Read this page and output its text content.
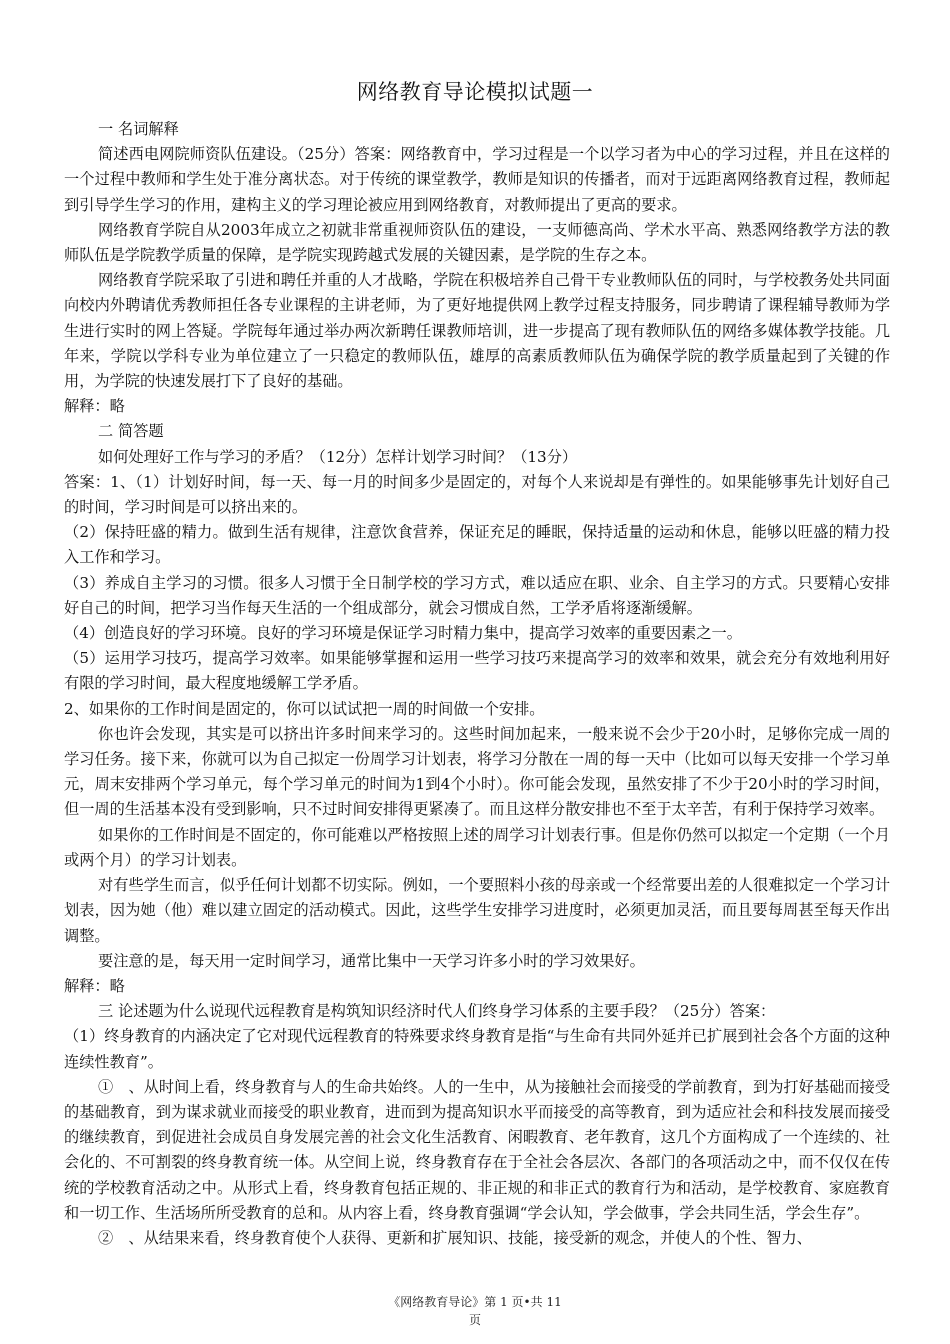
网络教育导论模拟试题一

一 名词解释

简述西电网院师资队伍建设。（25分）答案：网络教育中，学习过程是一个以学习者为中心的学习过程，并且在这样的一个过程中教师和学生处于准分离状态。对于传统的课堂教学，教师是知识的传播者，而对于远距离网络教育过程，教师起到引导学生学习的作用，建构主义的学习理论被应用到网络教育，对教师提出了更高的要求。

网络教育学院自从2003年成立之初就非常重视师资队伍的建设，一支师德高尚、学术水平高、熟悉网络教学方法的教师队伍是学院教学质量的保障，是学院实现跨越式发展的关键因素，是学院的生存之本。

网络教育学院采取了引进和聘任并重的人才战略，学院在积极培养自己骨干专业教师队伍的同时，与学校教务处共同面向校内外聘请优秀教师担任各专业课程的主讲老师，为了更好地提供网上教学过程支持服务，同步聘请了课程辅导教师为学生进行实时的网上答疑。学院每年通过举办两次新聘任课教师培训，进一步提高了现有教师队伍的网络多媒体教学技能。几年来，学院以学科专业为单位建立了一只稳定的教师队伍，雄厚的高素质教师队伍为确保学院的教学质量起到了关键的作用，为学院的快速发展打下了良好的基础。

解释：略

二 简答题

如何处理好工作与学习的矛盾？（12分）怎样计划学习时间？（13分）

答案：1、（1）计划好时间，每一天、每一月的时间多少是固定的，对每个人来说却是有弹性的。如果能够事先计划好自己的时间，学习时间是可以挤出来的。

（2）保持旺盛的精力。做到生活有规律，注意饮食营养，保证充足的睡眠，保持适量的运动和休息，能够以旺盛的精力投入工作和学习。

（3）养成自主学习的习惯。很多人习惯于全日制学校的学习方式，难以适应在职、业余、自主学习的方式。只要精心安排好自己的时间，把学习当作每天生活的一个组成部分，就会习惯成自然，工学矛盾将逐渐缓解。

（4）创造良好的学习环境。良好的学习环境是保证学习时精力集中，提高学习效率的重要因素之一。

（5）运用学习技巧，提高学习效率。如果能够掌握和运用一些学习技巧来提高学习的效率和效果，就会充分有效地利用好有限的学习时间，最大程度地缓解工学矛盾。

2、如果你的工作时间是固定的，你可以试试把一周的时间做一个安排。

你也许会发现，其实是可以挤出许多时间来学习的。这些时间加起来，一般来说不会少于20小时，足够你完成一周的学习任务。接下来，你就可以为自己拟定一份周学习计划表，将学习分散在一周的每一天中（比如可以每天安排一个学习单元，周末安排两个学习单元，每个学习单元的时间为1到4个小时）。你可能会发现，虽然安排了不少于20小时的学习时间，但一周的生活基本没有受到影响，只不过时间安排得更紧凑了。而且这样分散安排也不至于太辛苦，有利于保持学习效率。

如果你的工作时间是不固定的，你可能难以严格按照上述的周学习计划表行事。但是你仍然可以拟定一个定期（一个月或两个月）的学习计划表。

对有些学生而言，似乎任何计划都不切实际。例如，一个要照料小孩的母亲或一个经常要出差的人很难拟定一个学习计划表，因为她（他）难以建立固定的活动模式。因此，这些学生安排学习进度时，必须更加灵活，而且要每周甚至每天作出调整。

要注意的是，每天用一定时间学习，通常比集中一天学习许多小时的学习效果好。

解释：略

三 论述题为什么说现代远程教育是构筑知识经济时代人们终身学习体系的主要手段？（25分）答案：

（1）终身教育的内涵决定了它对现代远程教育的特殊要求终身教育是指“与生命有共同外延并已扩展到社会各个方面的这种连续性教育”。

①　、从时间上看，终身教育与人的生命共始终。人的一生中，从为接触社会而接受的学前教育，到为打好基础而接受的基础教育，到为谋求就业而接受的职业教育，进而到为提高知识水平而接受的高等教育，到为适应社会和科技发展而接受的继续教育，到促进社会成员自身发展完善的社会文化生活教育、闲暇教育、老年教育，这几个方面构成了一个连续的、社会化的、不可割裂的终身教育统一体。从空间上说，终身教育存在于全社会各层次、各部门的各项活动之中，而不仅仅在传统的学校教育活动之中。从形式上看，终身教育包括正规的、非正规的和非正式的教育行为和活动，是学校教育、家庭教育和一切工作、生活场所所受教育的总和。从内容上看，终身教育强调“学会认知，学会做事，学会共同生活，学会生存”。

②　、从结果来看，终身教育使个人获得、更新和扩展知识、技能，接受新的观念，并使人的个性、智力、

《网络教育导论》第 1 页•共 11
页
